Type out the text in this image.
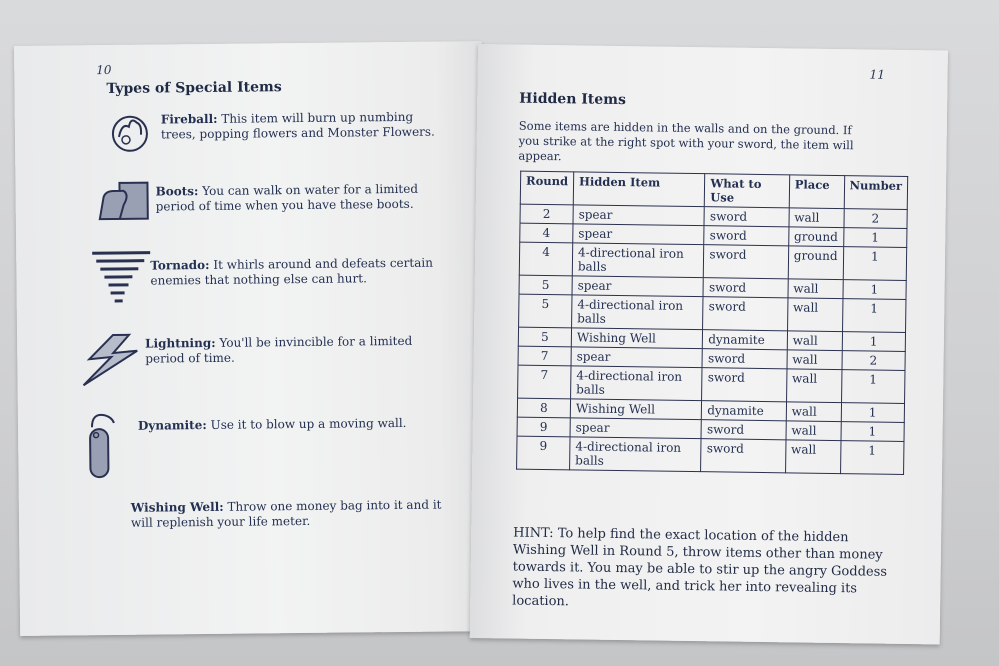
10
Types of Special Items
Fireball: This item will burn up numbing trees, popping flowers and Monster Flowers.
Boots: You can walk on water for a limited period of time when you have these boots.
Tornado: It whirls around and defeats certain enemies that nothing else can hurt.
Lightning: You'll be invincible for a limited period of time.
Dynamite: Use it to blow up a moving wall.
Wishing Well: Throw one money bag into it and it will replenish your life meter.
11
Hidden Items
Some items are hidden in the walls and on the ground. If you strike at the right spot with your sword, the item will appear.
Round	Hidden Item	What to Use	Place	Number
2	spear	sword	wall	2
4	spear	sword	ground	1
4	4-directional iron balls	sword	ground	1
5	spear	sword	wall	1
5	4-directional iron balls	sword	wall	1
5	Wishing Well	dynamite	wall	1
7	spear	sword	wall	2
7	4-directional iron balls	sword	wall	1
8	Wishing Well	dynamite	wall	1
9	spear	sword	wall	1
9	4-directional iron balls	sword	wall	1
HINT: To help find the exact location of the hidden Wishing Well in Round 5, throw items other than money towards it. You may be able to stir up the angry Goddess who lives in the well, and trick her into revealing its location.
